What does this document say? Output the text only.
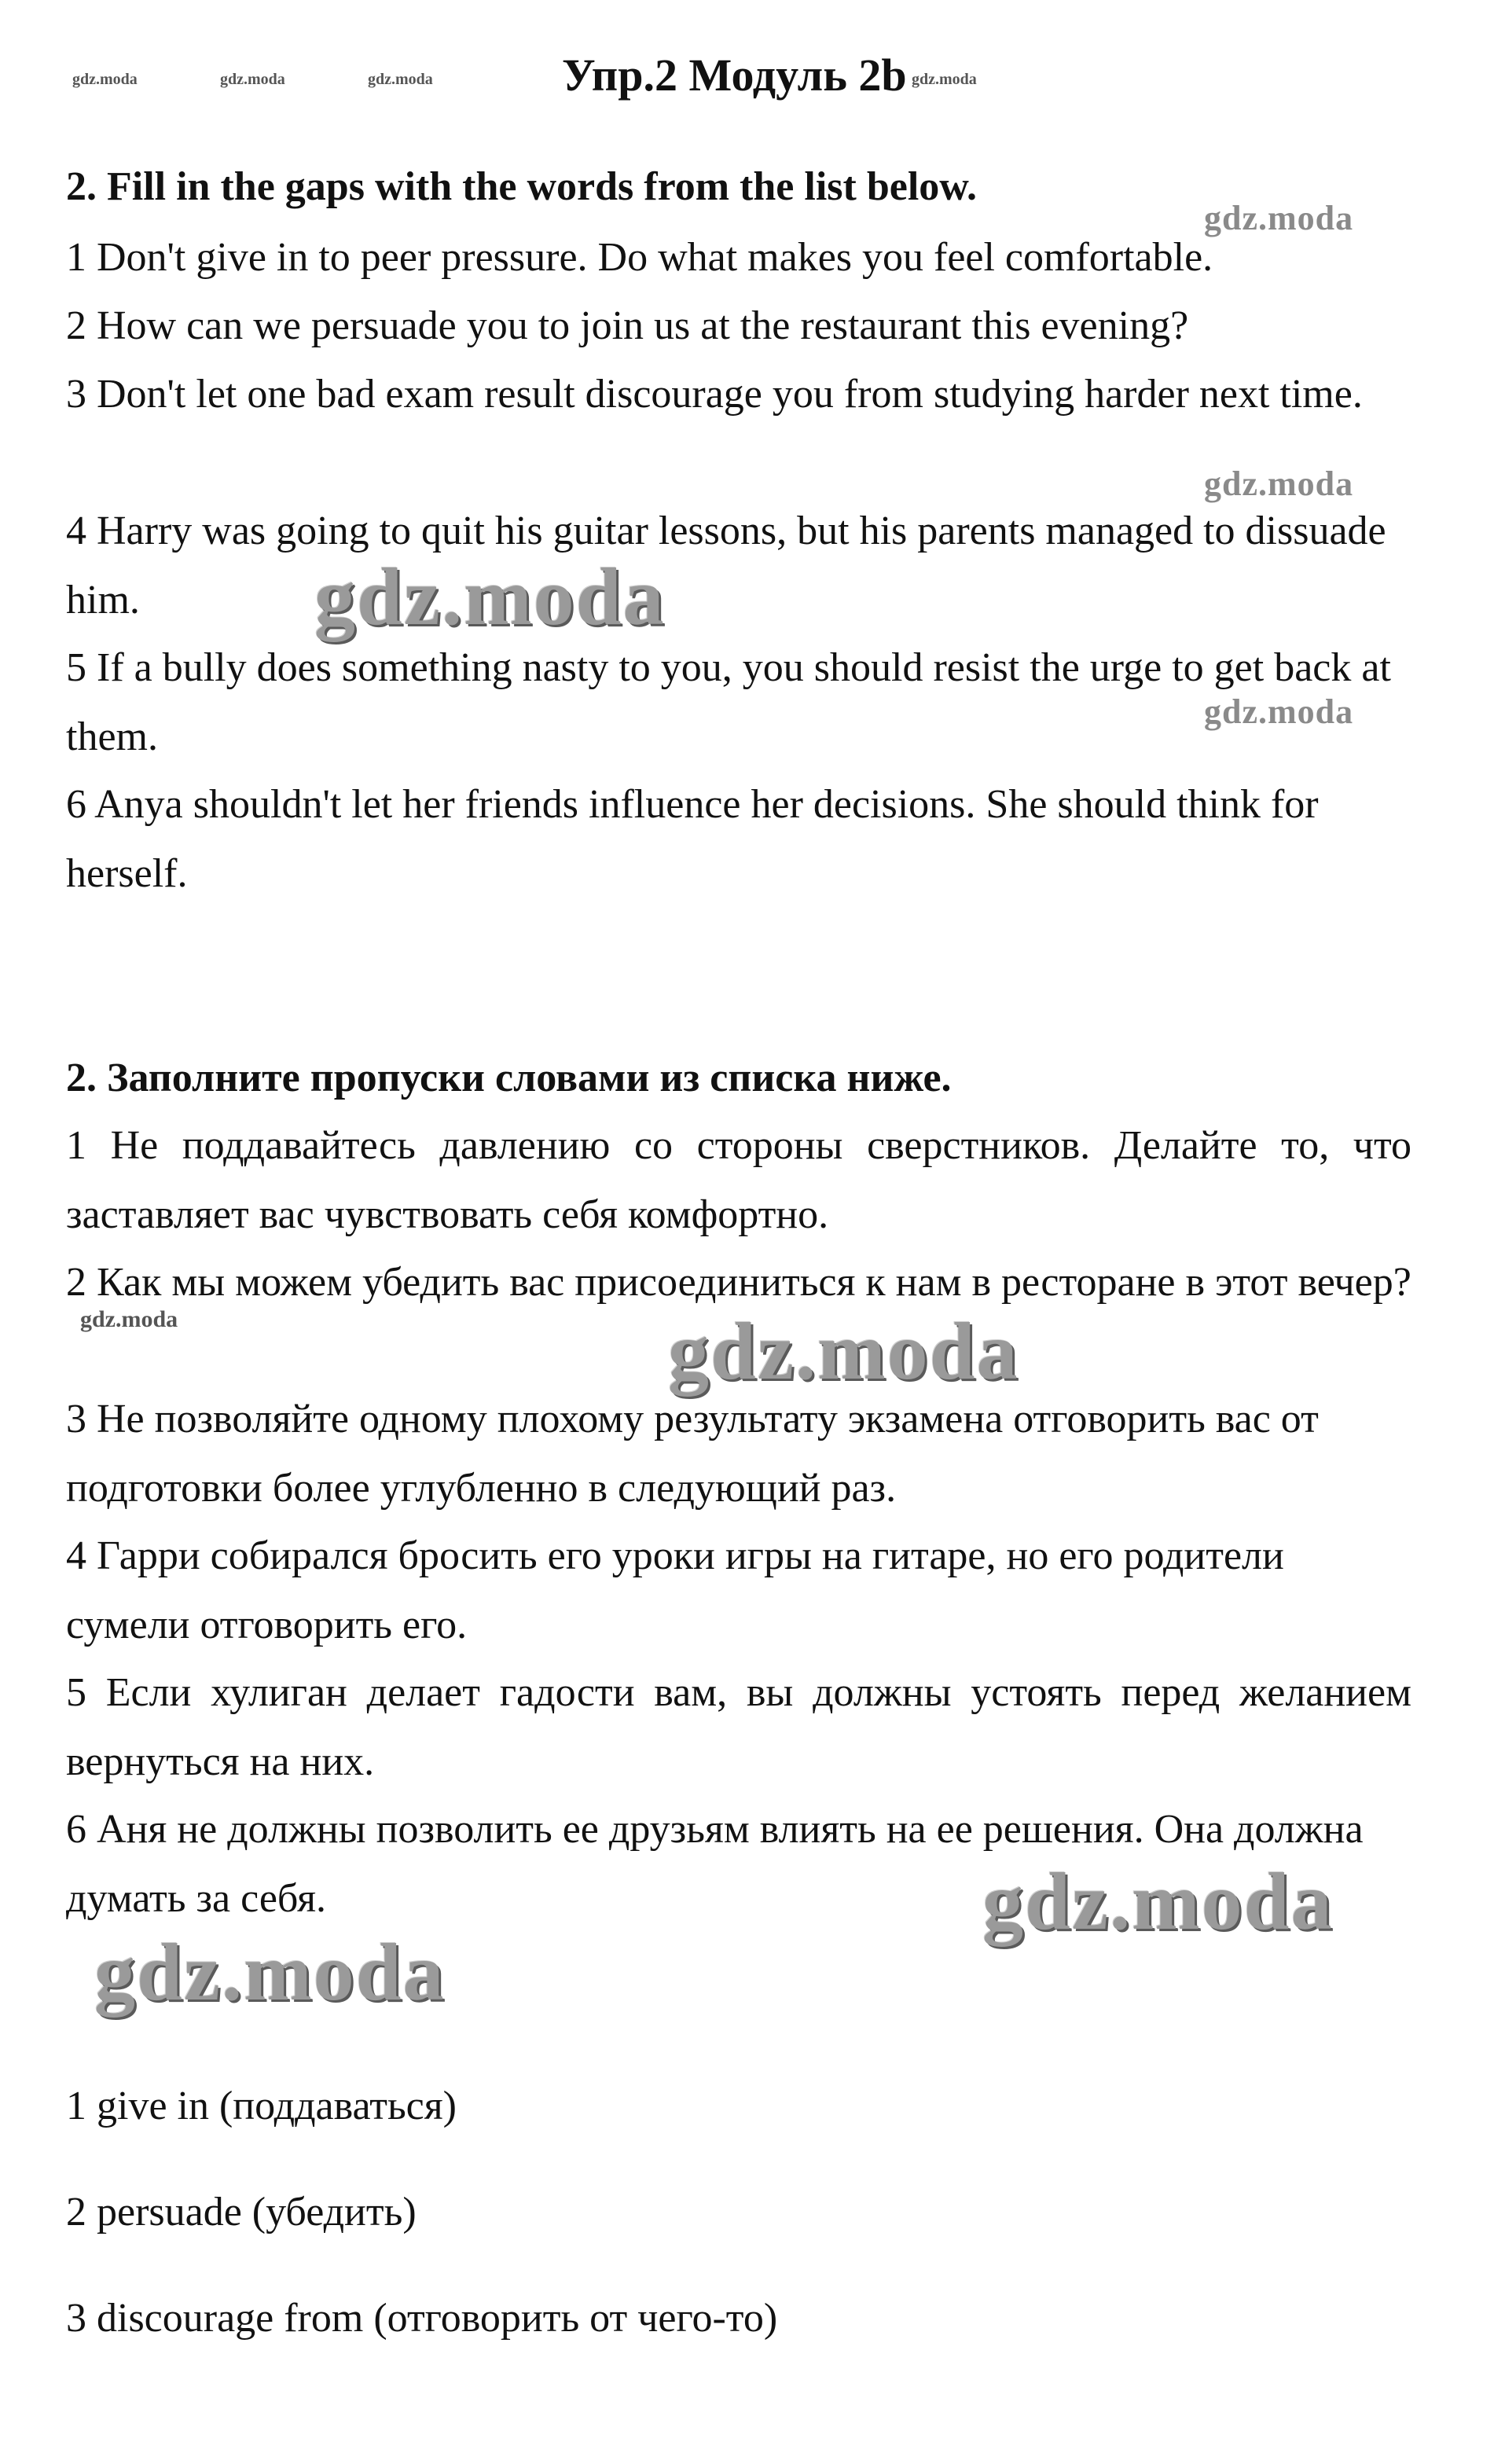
gdz.moda	gdz.moda	gdz.moda	Упр.2 Модуль 2b gdz.moda
2. Fill in the gaps with the words from the list below.
1 Don't give in to peer pressure. Do what makes you feel comfortable.
2 How can we persuade you to join us at the restaurant this evening?
3 Don't let one bad exam result discourage you from studying harder next time.
4 Harry was going to quit his guitar lessons, but his parents managed to dissuade him.
5 If a bully does something nasty to you, you should resist the urge to get back at them.
6 Anya shouldn't let her friends influence her decisions. She should think for herself.
2. Заполните пропуски словами из списка ниже.
1 Не поддавайтесь давлению со стороны сверстников. Делайте то, что заставляет вас чувствовать себя комфортно.
2 Как мы можем убедить вас присоединиться к нам в ресторане в этот вечер?
3 Не позволяйте одному плохому результату экзамена отговорить вас от подготовки более углубленно в следующий раз.
4 Гарри собирался бросить его уроки игры на гитаре, но его родители сумели отговорить его.
5 Если хулиган делает гадости вам, вы должны устоять перед желанием вернуться на них.
6 Аня не должны позволить ее друзьям влиять на ее решения. Она должна думать за себя.
1 give in (поддаваться)
2 persuade (убедить)
3 discourage from (отговорить от чего-то)
gdz.moda
gdz.moda
gdz.moda
gdz.moda
gdz.moda	gdz.moda
gdz.moda
gdz.moda
